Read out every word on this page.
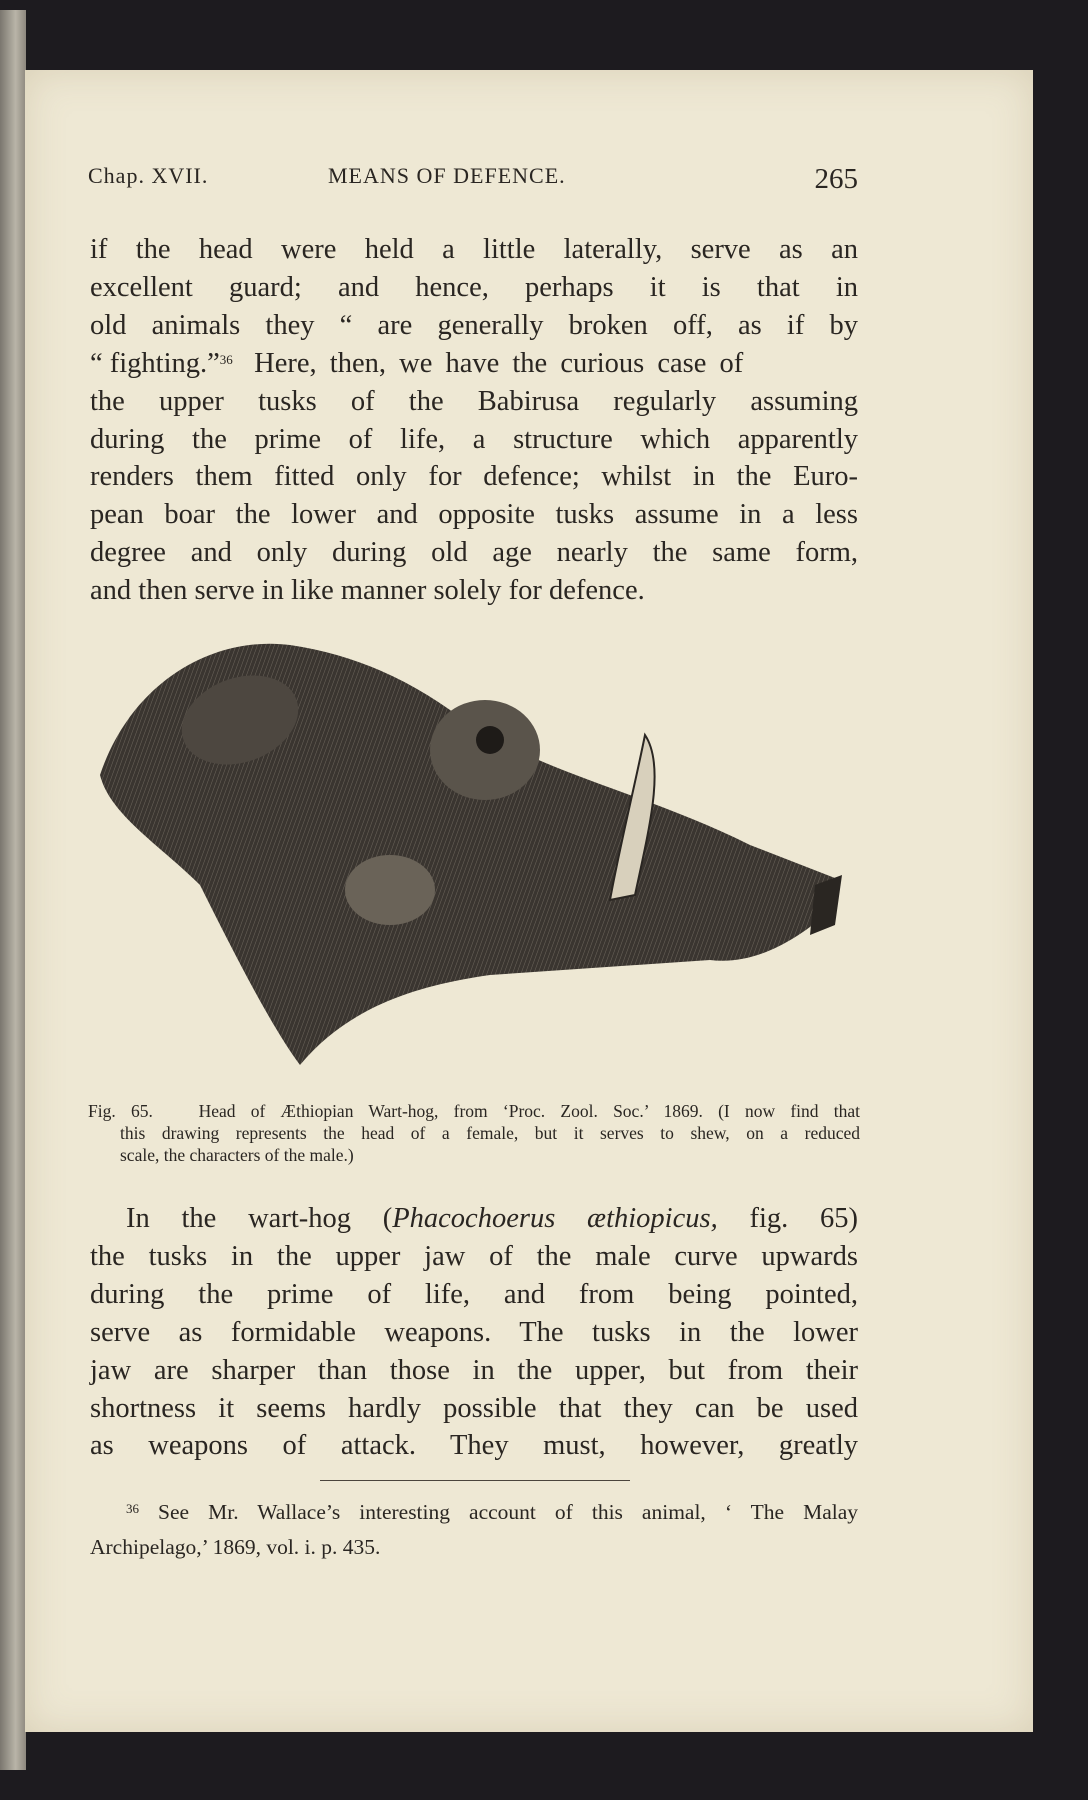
Chap. XVII.	MEANS OF DEFENCE.	265
if the head were held a little laterally, serve as an
excellent guard; and hence, perhaps it is that in
old animals they “ are generally broken off, as if by
“ fighting.”$^{36}$ Here, then, we have the curious case of
the upper tusks of the Babirusa regularly assuming
during the prime of life, a structure which apparently
renders them fitted only for defence; whilst in the Euro-
pean boar the lower and opposite tusks assume in a less
degree and only during old age nearly the same form,
and then serve in like manner solely for defence.
Fig. 65.	Head of Æthiopian Wart-hog, from ‘Proc. Zool. Soc.’ 1869. (I now find that
this drawing represents the head of a female, but it serves to shew, on a reduced
scale, the characters of the male.)
In the wart-hog (Phacochoerus æthiopicus, fig. 65)
the tusks in the upper jaw of the male curve upwards
during the prime of life, and from being pointed,
serve as formidable weapons. The tusks in the lower
jaw are sharper than those in the upper, but from their
shortness it seems hardly possible that they can be used
as weapons of attack. They must, however, greatly
$^{36}$ See Mr. Wallace’s interesting account of this animal, ‘ The Malay
Archipelago,’ 1869, vol. i. p. 435.
